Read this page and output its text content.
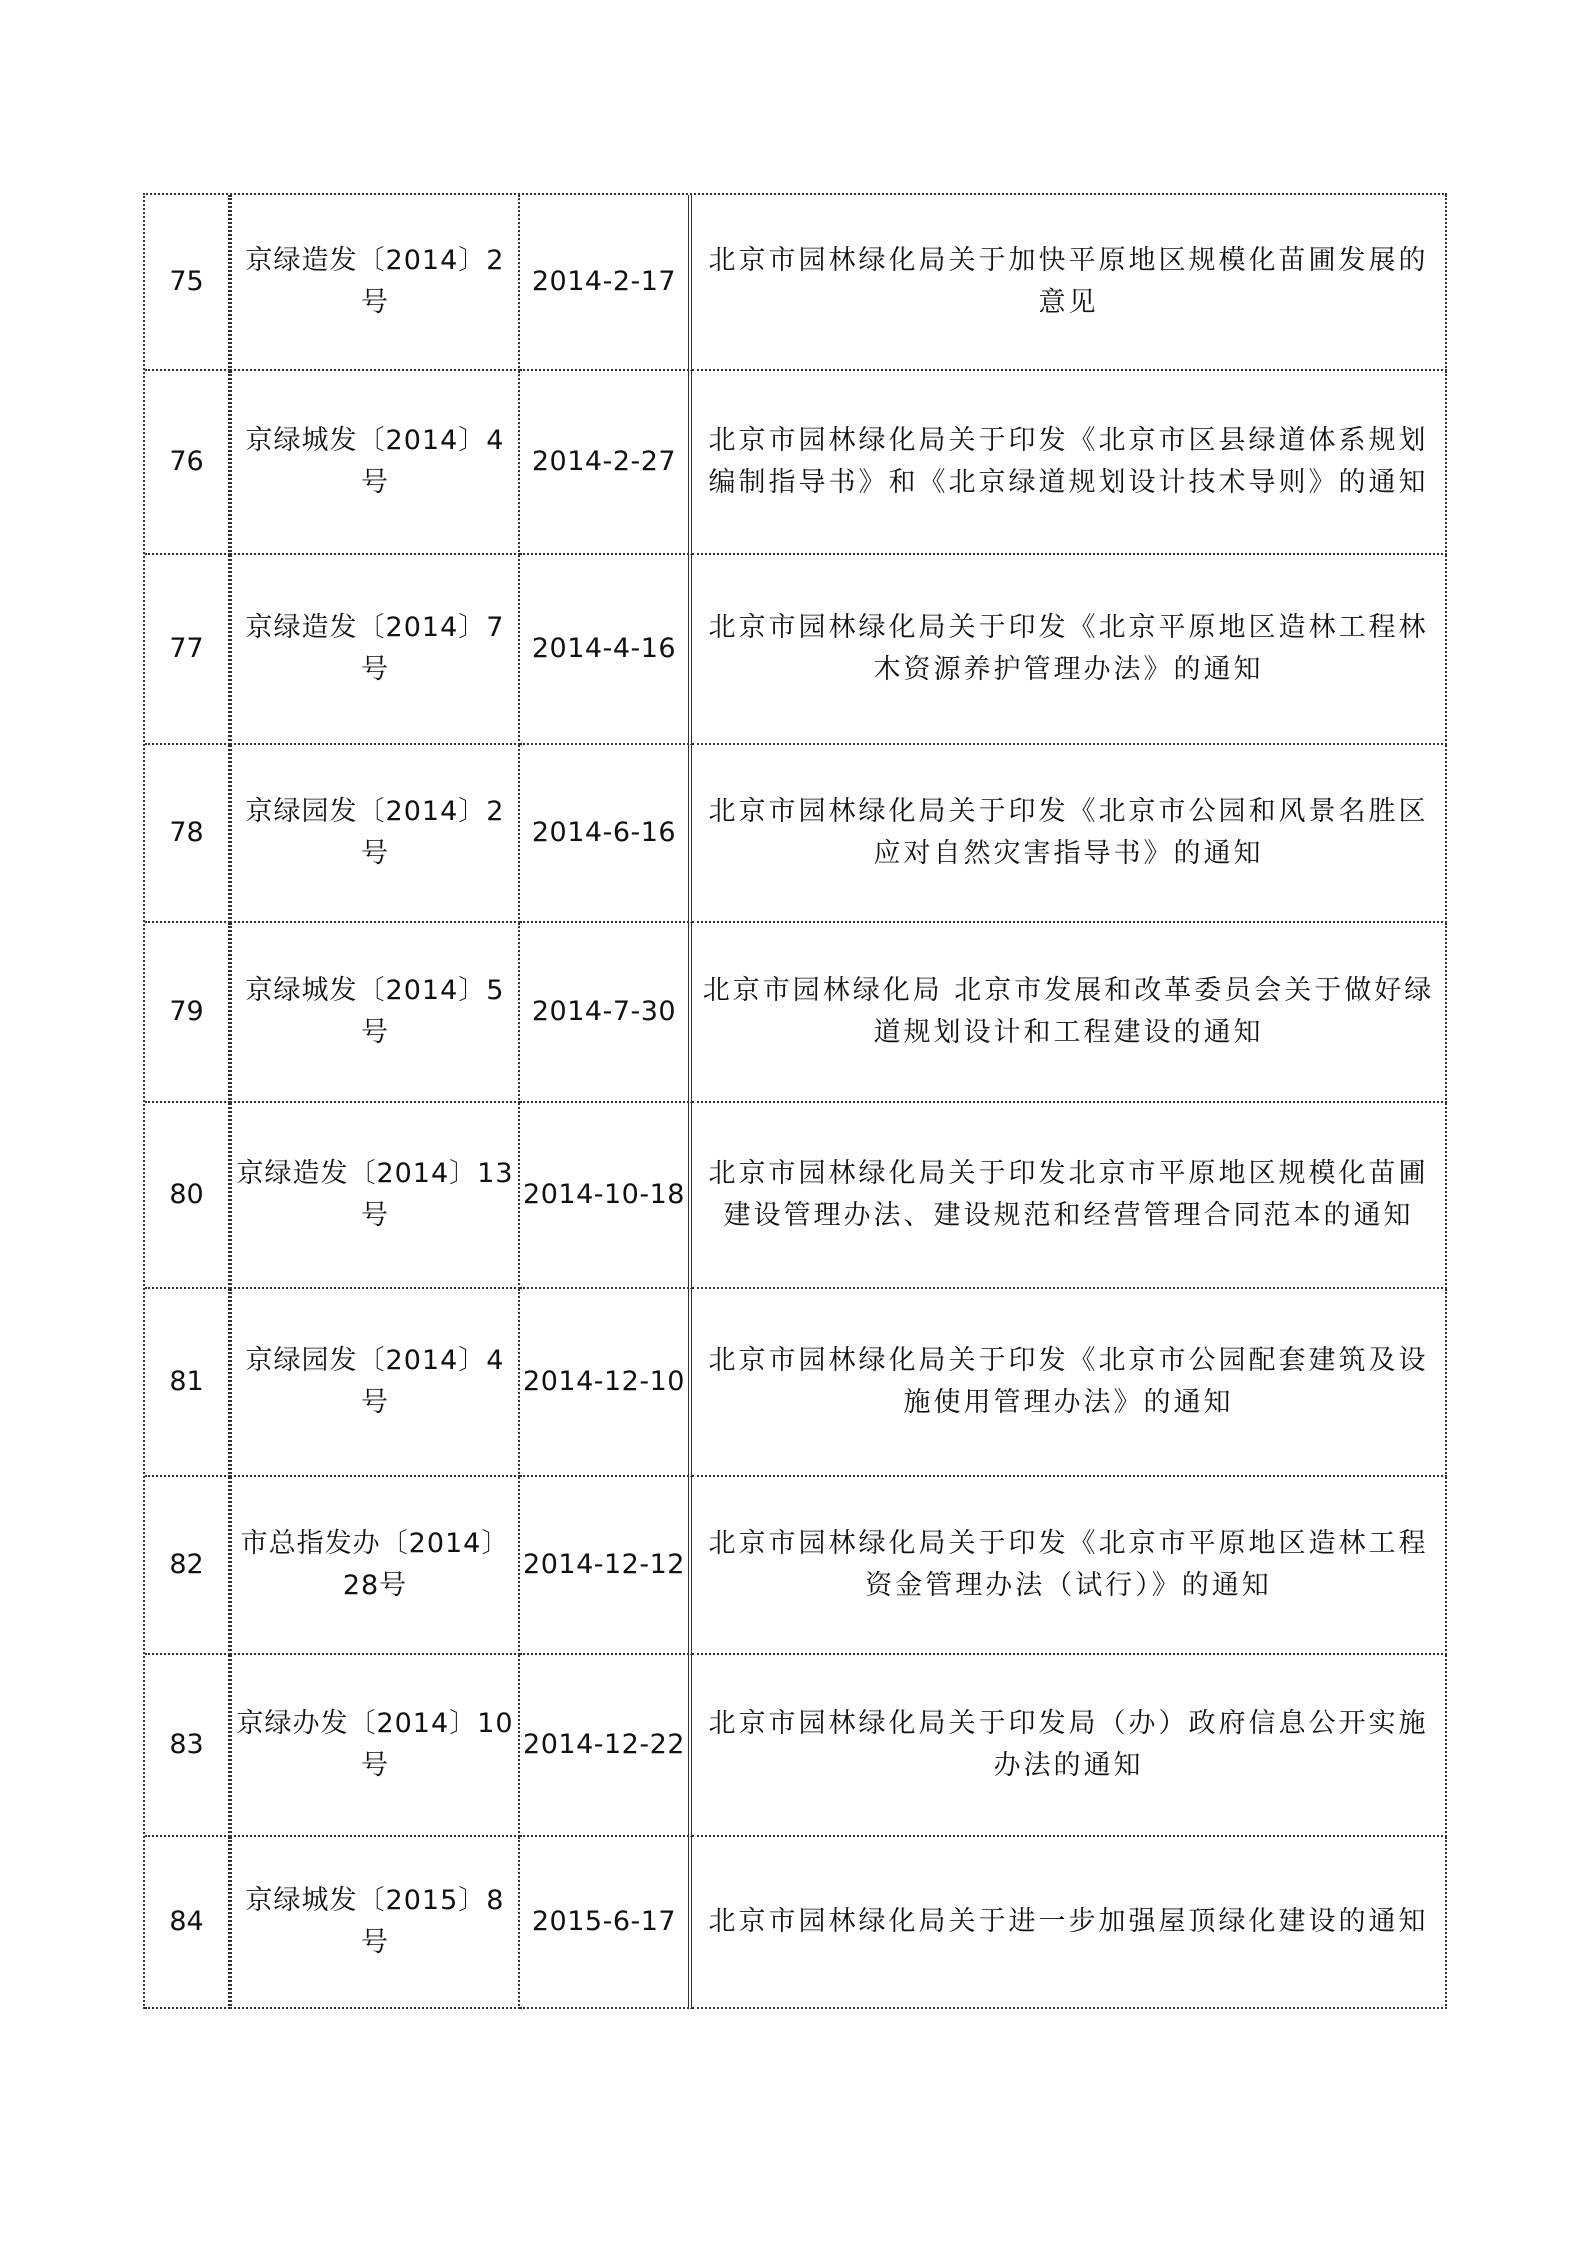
75	京绿造发〔2014〕2号	2014-2-17	北京市园林绿化局关于加快平原地区规模化苗圃发展的意见

76	京绿城发〔2014〕4号	2014-2-27	北京市园林绿化局关于印发《北京市区县绿道体系规划编制指导书》和《北京绿道规划设计技术导则》的通知

77	京绿造发〔2014〕7号	2014-4-16	北京市园林绿化局关于印发《北京平原地区造林工程林木资源养护管理办法》的通知

78	京绿园发〔2014〕2号	2014-6-16	北京市园林绿化局关于印发《北京市公园和风景名胜区应对自然灾害指导书》的通知

79	京绿城发〔2014〕5号	2014-7-30	北京市园林绿化局 北京市发展和改革委员会关于做好绿道规划设计和工程建设的通知

80	京绿造发〔2014〕13号	2014-10-18	北京市园林绿化局关于印发北京市平原地区规模化苗圃建设管理办法、建设规范和经营管理合同范本的通知

81	京绿园发〔2014〕4号	2014-12-10	北京市园林绿化局关于印发《北京市公园配套建筑及设施使用管理办法》的通知

82	市总指发办〔2014〕28号	2014-12-12	北京市园林绿化局关于印发《北京市平原地区造林工程资金管理办法（试行）》的通知

83	京绿办发〔2014〕10号	2014-12-22	北京市园林绿化局关于印发局（办）政府信息公开实施办法的通知

84	京绿城发〔2015〕8号	2015-6-17	北京市园林绿化局关于进一步加强屋顶绿化建设的通知
